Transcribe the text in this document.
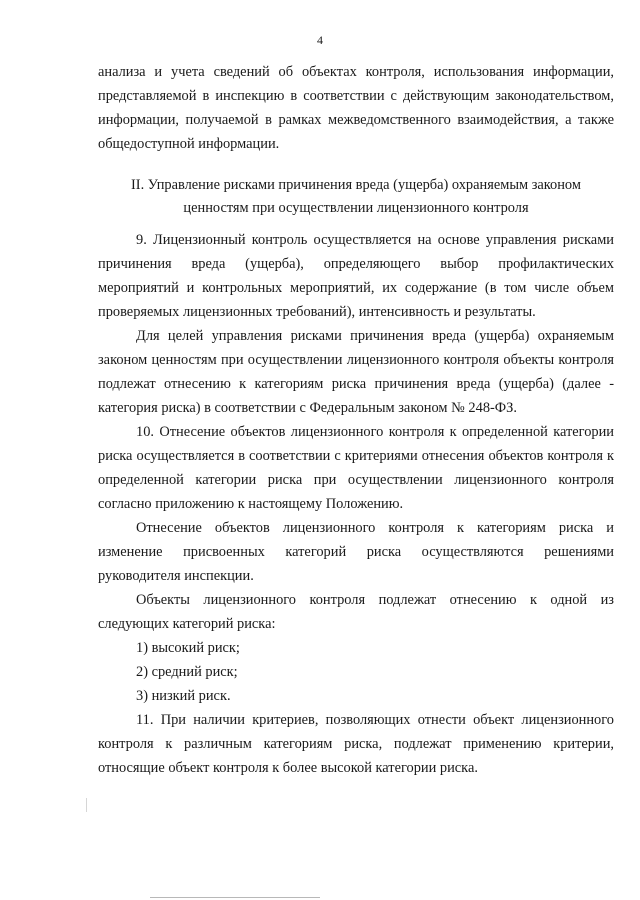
4

анализа и учета сведений об объектах контроля, использования информации, представляемой в инспекцию в соответствии с действующим законодательством, информации, получаемой в рамках межведомственного взаимодействия, а также общедоступной информации.

II. Управление рисками причинения вреда (ущерба) охраняемым законом ценностям при осуществлении лицензионного контроля

9. Лицензионный контроль осуществляется на основе управления рисками причинения вреда (ущерба), определяющего выбор профилактических мероприятий и контрольных мероприятий, их содержание (в том числе объем проверяемых лицензионных требований), интенсивность и результаты.

Для целей управления рисками причинения вреда (ущерба) охраняемым законом ценностям при осуществлении лицензионного контроля объекты контроля подлежат отнесению к категориям риска причинения вреда (ущерба) (далее - категория риска) в соответствии с Федеральным законом № 248-ФЗ.

10. Отнесение объектов лицензионного контроля к определенной категории риска осуществляется в соответствии с критериями отнесения объектов контроля к определенной категории риска при осуществлении лицензионного контроля согласно приложению к настоящему Положению.

Отнесение объектов лицензионного контроля к категориям риска и изменение присвоенных категорий риска осуществляются решениями руководителя инспекции.

Объекты лицензионного контроля подлежат отнесению к одной из следующих категорий риска:

1) высокий риск;

2) средний риск;

3) низкий риск.

11. При наличии критериев, позволяющих отнести объект лицензионного контроля к различным категориям риска, подлежат применению критерии, относящие объект контроля к более высокой категории риска.
